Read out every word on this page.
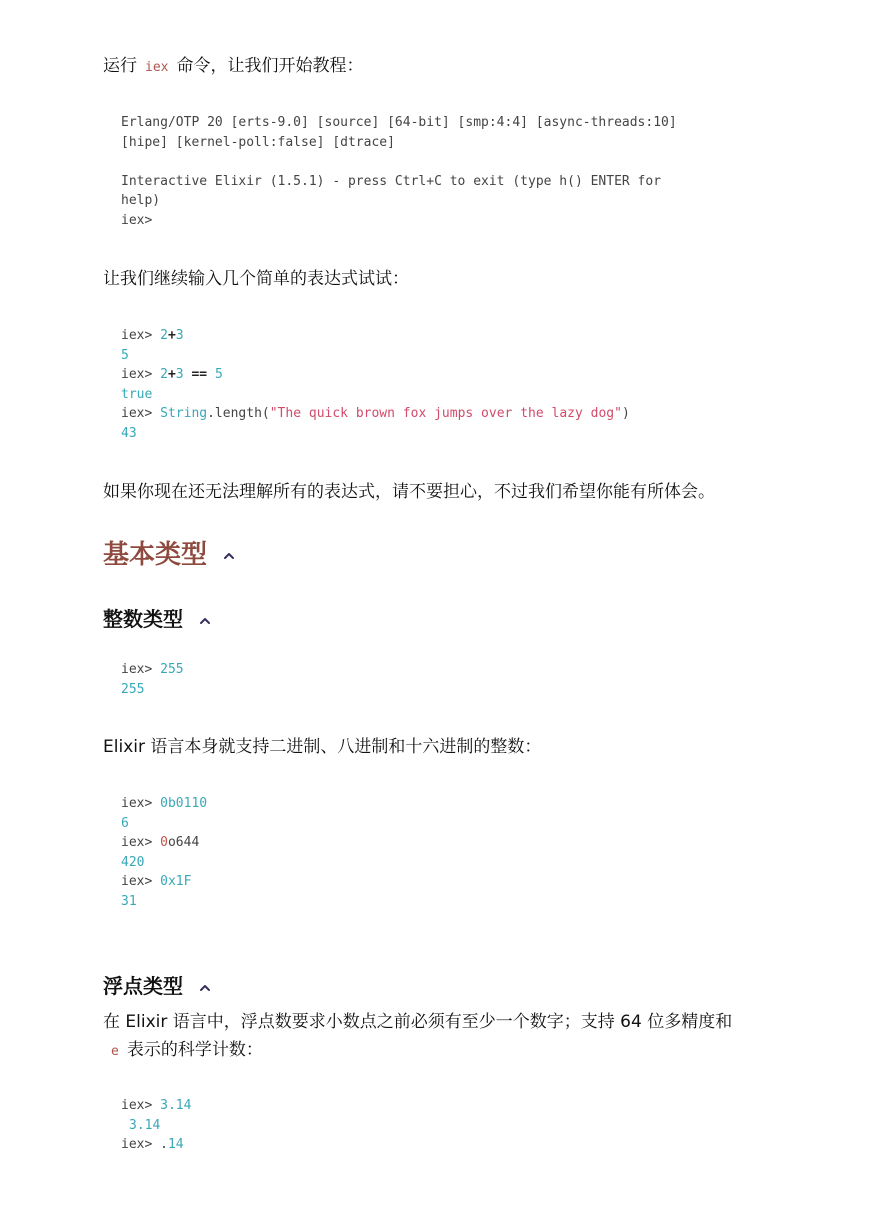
运行 iex 命令，让我们开始教程：

Erlang/OTP 20 [erts-9.0] [source] [64-bit] [smp:4:4] [async-threads:10]
[hipe] [kernel-poll:false] [dtrace]
Interactive Elixir (1.5.1) - press Ctrl+C to exit (type h() ENTER for
help)
iex>

让我们继续输入几个简单的表达式试试：

iex> 2+3
5
iex> 2+3 == 5
true
iex> String.length("The quick brown fox jumps over the lazy dog")
43

如果你现在还无法理解所有的表达式，请不要担心，不过我们希望你能有所体会。

基本类型
整数类型
iex> 255
255

Elixir 语言本身就支持二进制、八进制和十六进制的整数：

iex> 0b0110
6
iex> 0o644
420
iex> 0x1F
31
浮点类型

在 Elixir 语言中，浮点数要求小数点之前必须有至少一个数字；支持 64 位多精度和
e 表示的科学计数：

iex> 3.14
3.14
iex> .14
